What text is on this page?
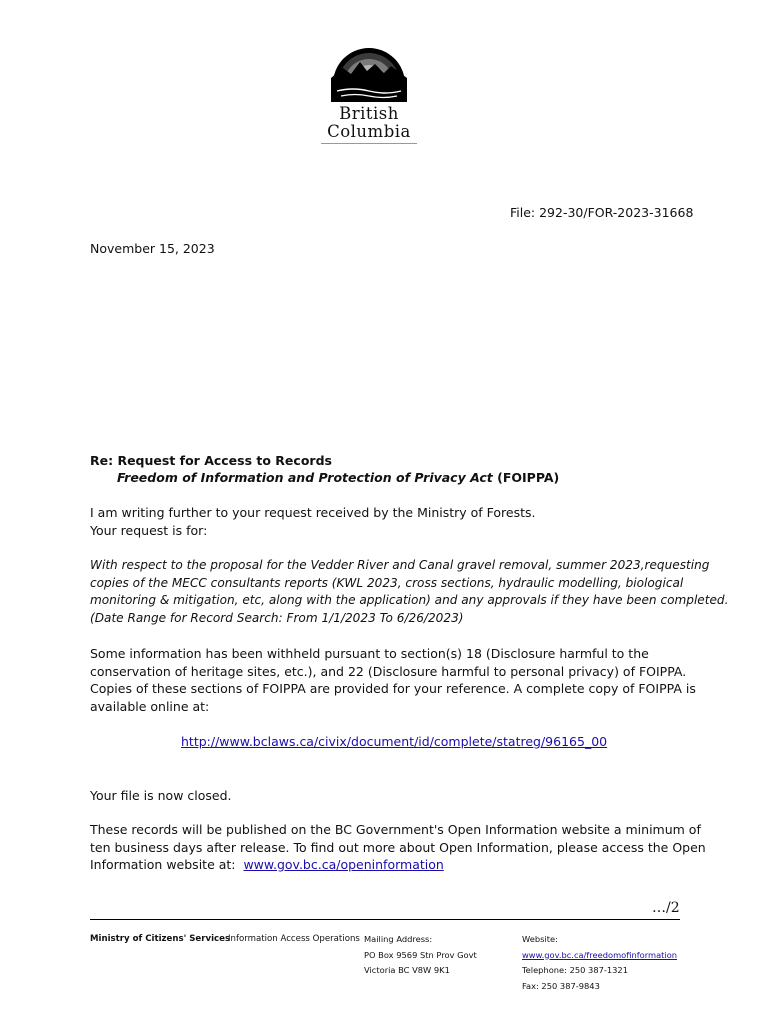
British
Columbia
File: 292-30/FOR-2023-31668
November 15, 2023
Re: Request for Access to Records
Freedom of Information and Protection of Privacy Act (FOIPPA)
I am writing further to your request received by the Ministry of Forests.
Your request is for:
With respect to the proposal for the Vedder River and Canal gravel removal, summer 2023,requesting
copies of the MECC consultants reports (KWL 2023, cross sections, hydraulic modelling, biological
monitoring & mitigation, etc, along with the application) and any approvals if they have been completed.
(Date Range for Record Search: From 1/1/2023 To 6/26/2023)
Some information has been withheld pursuant to section(s) 18 (Disclosure harmful to the
conservation of heritage sites, etc.), and 22 (Disclosure harmful to personal privacy) of FOIPPA.
Copies of these sections of FOIPPA are provided for your reference. A complete copy of FOIPPA is
available online at:
http://www.bclaws.ca/civix/document/id/complete/statreg/96165_00
Your file is now closed.
These records will be published on the BC Government's Open Information website a minimum of
ten business days after release. To find out more about Open Information, please access the Open
Information website at:  www.gov.bc.ca/openinformation
…/2
Ministry of Citizens' Services
Information Access Operations Mailing Address:
PO Box 9569 Stn Prov Govt
Victoria BC V8W 9K1
Website:
www.gov.bc.ca/freedomofinformation
Telephone: 250 387-1321
Fax: 250 387-9843
